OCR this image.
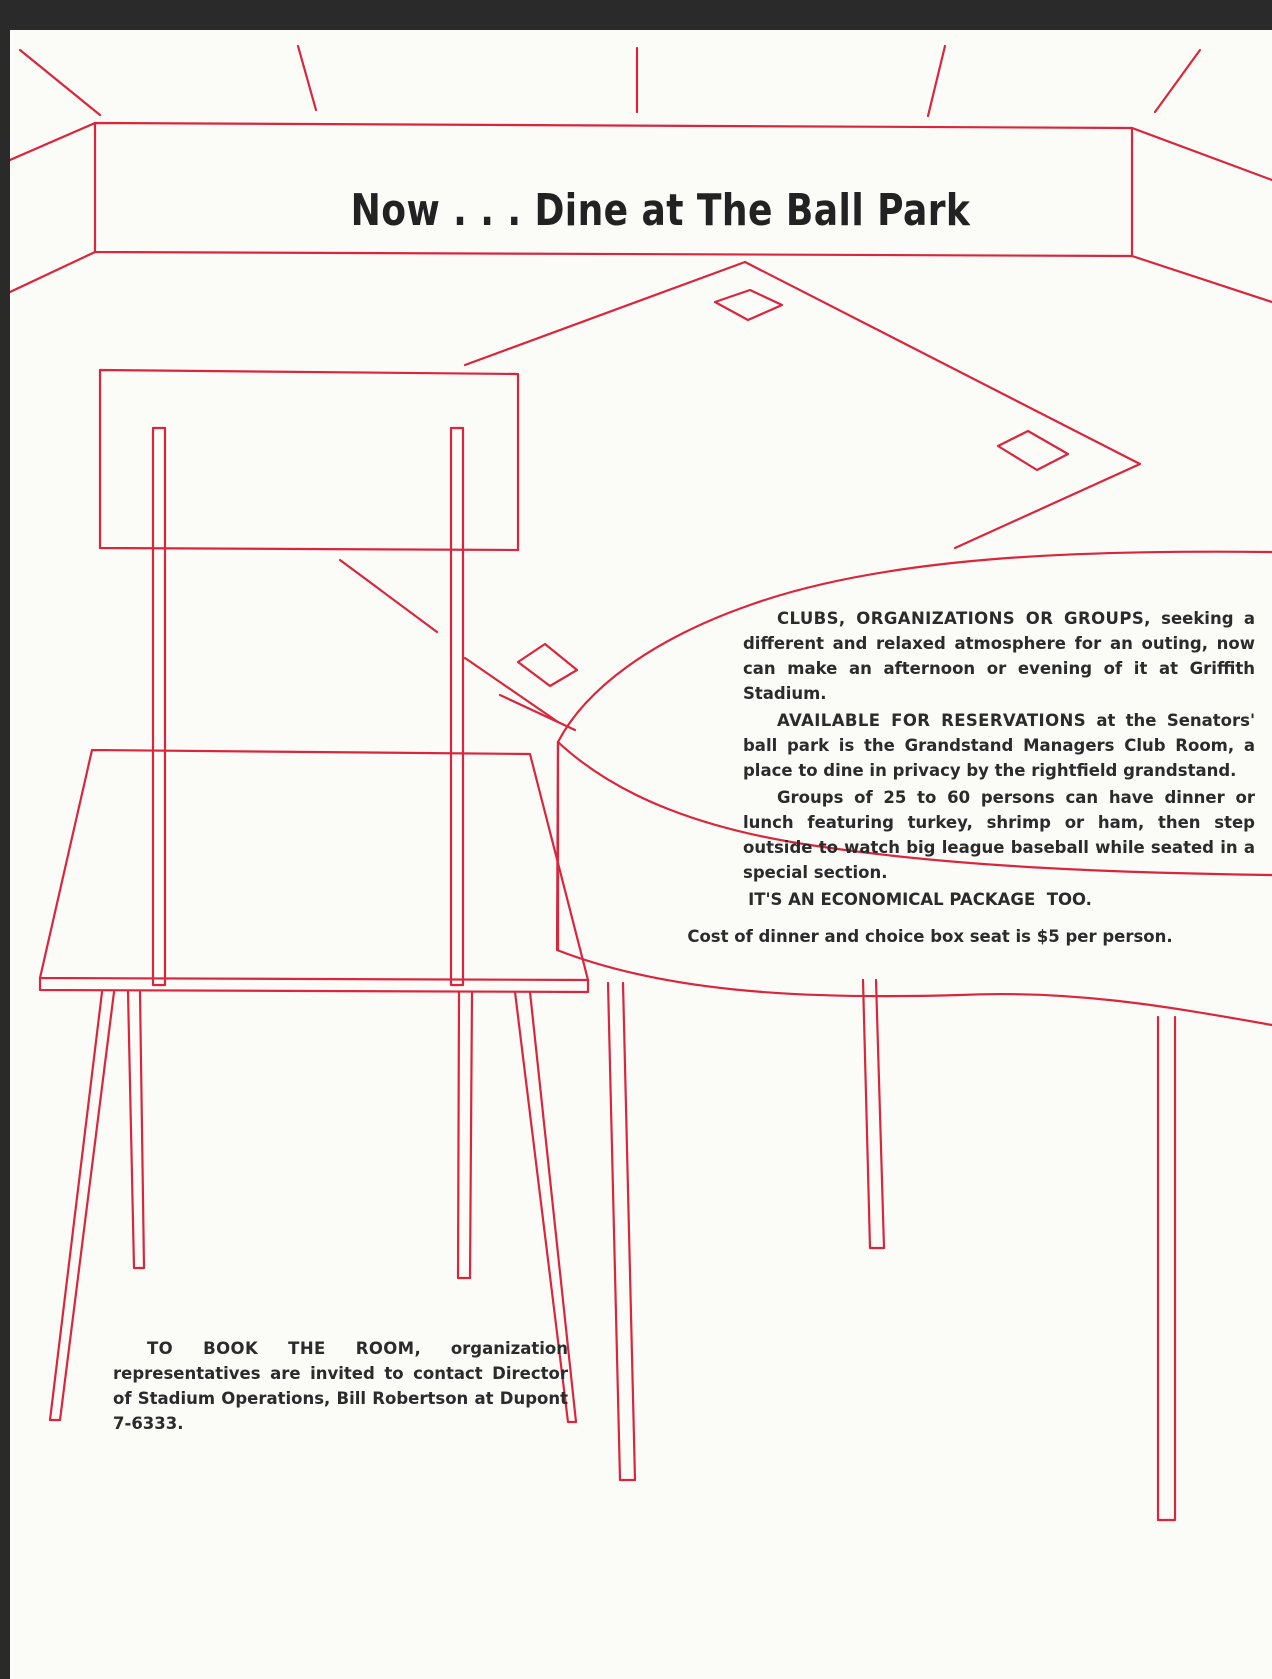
Now . . . Dine at The Ball Park

CLUBS, ORGANIZATIONS OR GROUPS, seeking a different and relaxed atmosphere for an outing, now can make an afternoon or evening of it at Griffith Stadium.

AVAILABLE FOR RESERVATIONS at the Senators' ball park is the Grandstand Managers Club Room, a place to dine in privacy by the rightfield grandstand.

Groups of 25 to 60 persons can have dinner or lunch featuring turkey, shrimp or ham, then step outside to watch big league baseball while seated in a special section.

IT'S AN ECONOMICAL PACKAGE  TOO.

Cost of dinner and choice box seat is $5 per person.

TO BOOK THE ROOM, organization representatives are invited to contact Director of Stadium Operations, Bill Robertson at Dupont 7-6333.
